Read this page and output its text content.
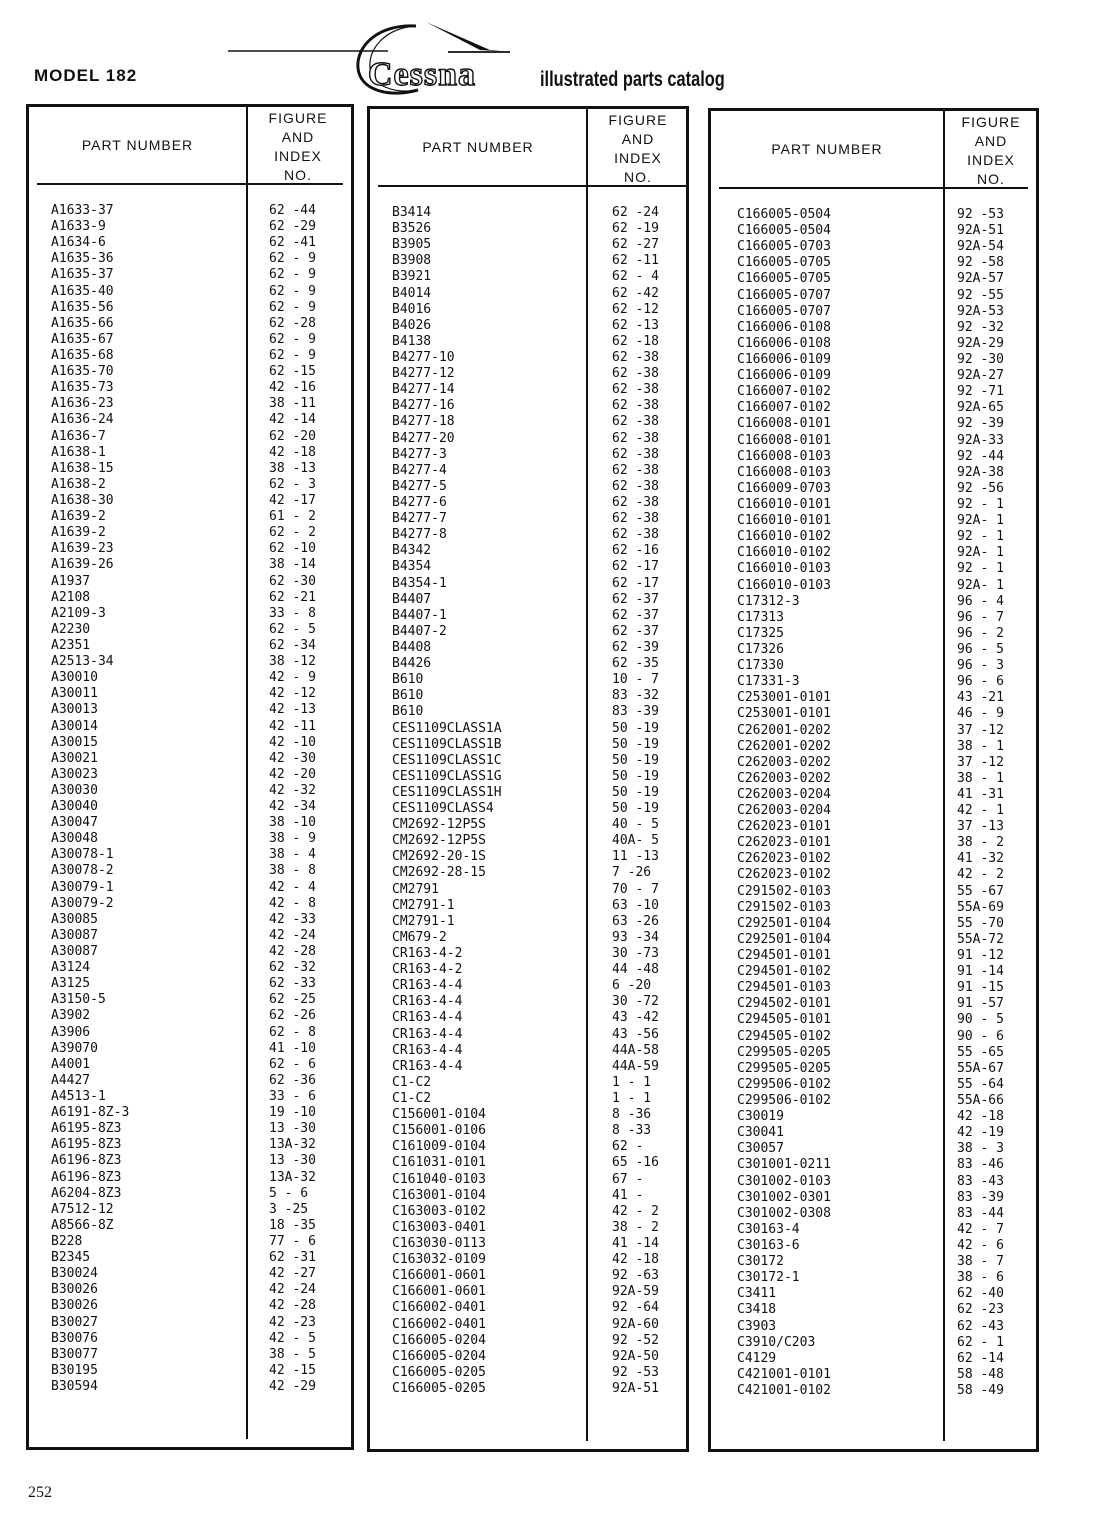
MODEL 182	Cessna	illustrated parts catalog
PART NUMBER
FIGURE
AND
INDEX
NO.
A1633-37	62 -44
A1633-9	62 -29
A1634-6	62 -41
A1635-36	62 - 9
A1635-37	62 - 9
A1635-40	62 - 9
A1635-56	62 - 9
A1635-66	62 -28
A1635-67	62 - 9
A1635-68	62 - 9
A1635-70	62 -15
A1635-73	42 -16
A1636-23	38 -11
A1636-24	42 -14
A1636-7	62 -20
A1638-1	42 -18
A1638-15	38 -13
A1638-2	62 - 3
A1638-30	42 -17
A1639-2	61 - 2
A1639-2	62 - 2
A1639-23	62 -10
A1639-26	38 -14
A1937	62 -30
A2108	62 -21
A2109-3	33 - 8
A2230	62 - 5
A2351	62 -34
A2513-34	38 -12
A30010	42 - 9
A30011	42 -12
A30013	42 -13
A30014	42 -11
A30015	42 -10
A30021	42 -30
A30023	42 -20
A30030	42 -32
A30040	42 -34
A30047	38 -10
A30048	38 - 9
A30078-1	38 - 4
A30078-2	38 - 8
A30079-1	42 - 4
A30079-2	42 - 8
A30085	42 -33
A30087	42 -24
A30087	42 -28
A3124	62 -32
A3125	62 -33
A3150-5	62 -25
A3902	62 -26
A3906	62 - 8
A39070	41 -10
A4001	62 - 6
A4427	62 -36
A4513-1	33 - 6
A6191-8Z-3	19 -10
A6195-8Z3	13 -30
A6195-8Z3	13A-32
A6196-8Z3	13 -30
A6196-8Z3	13A-32
A6204-8Z3	5 - 6
A7512-12	3 -25
A8566-8Z	18 -35
B228	77 - 6
B2345	62 -31
B30024	42 -27
B30026	42 -24
B30026	42 -28
B30027	42 -23
B30076	42 - 5
B30077	38 - 5
B30195	42 -15
B30594	42 -29
PART NUMBER
FIGURE
AND
INDEX
NO.
B3414	62 -24
B3526	62 -19
B3905	62 -27
B3908	62 -11
B3921	62 - 4
B4014	62 -42
B4016	62 -12
B4026	62 -13
B4138	62 -18
B4277-10	62 -38
B4277-12	62 -38
B4277-14	62 -38
B4277-16	62 -38
B4277-18	62 -38
B4277-20	62 -38
B4277-3	62 -38
B4277-4	62 -38
B4277-5	62 -38
B4277-6	62 -38
B4277-7	62 -38
B4277-8	62 -38
B4342	62 -16
B4354	62 -17
B4354-1	62 -17
B4407	62 -37
B4407-1	62 -37
B4407-2	62 -37
B4408	62 -39
B4426	62 -35
B610	10 - 7
B610	83 -32
B610	83 -39
CES1109CLASS1A	50 -19
CES1109CLASS1B	50 -19
CES1109CLASS1C	50 -19
CES1109CLASS1G	50 -19
CES1109CLASS1H	50 -19
CES1109CLASS4	50 -19
CM2692-12P5S	40 - 5
CM2692-12P5S	40A- 5
CM2692-20-1S	11 -13
CM2692-28-15	7 -26
CM2791	70 - 7
CM2791-1	63 -10
CM2791-1	63 -26
CM679-2	93 -34
CR163-4-2	30 -73
CR163-4-2	44 -48
CR163-4-4	6 -20
CR163-4-4	30 -72
CR163-4-4	43 -42
CR163-4-4	43 -56
CR163-4-4	44A-58
CR163-4-4	44A-59
C1-C2	1 - 1
C1-C2	1 - 1
C156001-0104	8 -36
C156001-0106	8 -33
C161009-0104	62 -
C161031-0101	65 -16
C161040-0103	67 -
C163001-0104	41 -
C163003-0102	42 - 2
C163003-0401	38 - 2
C163030-0113	41 -14
C163032-0109	42 -18
C166001-0601	92 -63
C166001-0601	92A-59
C166002-0401	92 -64
C166002-0401	92A-60
C166005-0204	92 -52
C166005-0204	92A-50
C166005-0205	92 -53
C166005-0205	92A-51
PART NUMBER
FIGURE
AND
INDEX
NO.
C166005-0504	92 -53
C166005-0504	92A-51
C166005-0703	92A-54
C166005-0705	92 -58
C166005-0705	92A-57
C166005-0707	92 -55
C166005-0707	92A-53
C166006-0108	92 -32
C166006-0108	92A-29
C166006-0109	92 -30
C166006-0109	92A-27
C166007-0102	92 -71
C166007-0102	92A-65
C166008-0101	92 -39
C166008-0101	92A-33
C166008-0103	92 -44
C166008-0103	92A-38
C166009-0703	92 -56
C166010-0101	92 - 1
C166010-0101	92A- 1
C166010-0102	92 - 1
C166010-0102	92A- 1
C166010-0103	92 - 1
C166010-0103	92A- 1
C17312-3	96 - 4
C17313	96 - 7
C17325	96 - 2
C17326	96 - 5
C17330	96 - 3
C17331-3	96 - 6
C253001-0101	43 -21
C253001-0101	46 - 9
C262001-0202	37 -12
C262001-0202	38 - 1
C262003-0202	37 -12
C262003-0202	38 - 1
C262003-0204	41 -31
C262003-0204	42 - 1
C262023-0101	37 -13
C262023-0101	38 - 2
C262023-0102	41 -32
C262023-0102	42 - 2
C291502-0103	55 -67
C291502-0103	55A-69
C292501-0104	55 -70
C292501-0104	55A-72
C294501-0101	91 -12
C294501-0102	91 -14
C294501-0103	91 -15
C294502-0101	91 -57
C294505-0101	90 - 5
C294505-0102	90 - 6
C299505-0205	55 -65
C299505-0205	55A-67
C299506-0102	55 -64
C299506-0102	55A-66
C30019	42 -18
C30041	42 -19
C30057	38 - 3
C301001-0211	83 -46
C301002-0103	83 -43
C301002-0301	83 -39
C301002-0308	83 -44
C30163-4	42 - 7
C30163-6	42 - 6
C30172	38 - 7
C30172-1	38 - 6
C3411	62 -40
C3418	62 -23
C3903	62 -43
C3910/C203	62 - 1
C4129	62 -14
C421001-0101	58 -48
C421001-0102	58 -49
252
